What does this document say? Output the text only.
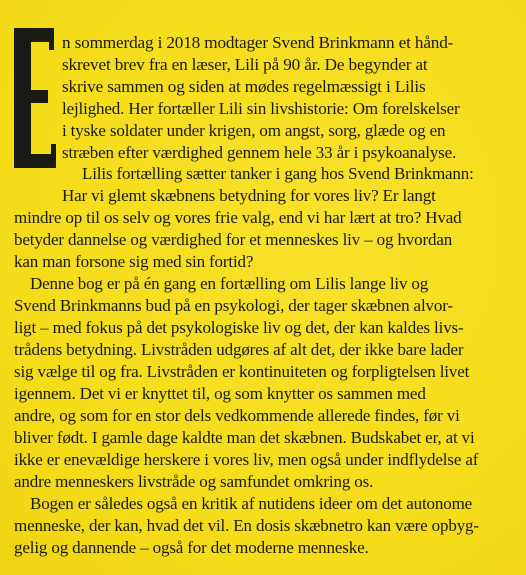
n sommerdag i 2018 modtager Svend Brinkmann et hånd-
skrevet brev fra en læser, Lili på 90 år. De begynder at
skrive sammen og siden at mødes regelmæssigt i Lilis
lejlighed. Her fortæller Lili sin livshistorie: Om forelskelser
i tyske soldater under krigen, om angst, sorg, glæde og en
stræben efter værdighed gennem hele 33 år i psykoanalyse.
Lilis fortælling sætter tanker i gang hos Svend Brinkmann:
Har vi glemt skæbnens betydning for vores liv? Er langt
mindre op til os selv og vores frie valg, end vi har lært at tro? Hvad
betyder dannelse og værdighed for et menneskes liv – og hvordan
kan man forsone sig med sin fortid?
Denne bog er på én gang en fortælling om Lilis lange liv og
Svend Brinkmanns bud på en psykologi, der tager skæbnen alvor-
ligt – med fokus på det psykologiske liv og det, der kan kaldes livs-
trådens betydning. Livstråden udgøres af alt det, der ikke bare lader
sig vælge til og fra. Livstråden er kontinuiteten og forpligtelsen livet
igennem. Det vi er knyttet til, og som knytter os sammen med
andre, og som for en stor dels vedkommende allerede findes, før vi
bliver født. I gamle dage kaldte man det skæbnen. Budskabet er, at vi
ikke er enevældige herskere i vores liv, men også under indflydelse af
andre menneskers livstråde og samfundet omkring os.
Bogen er således også en kritik af nutidens ideer om det autonome
menneske, der kan, hvad det vil. En dosis skæbnetro kan være opbyg-
gelig og dannende – også for det moderne menneske.
